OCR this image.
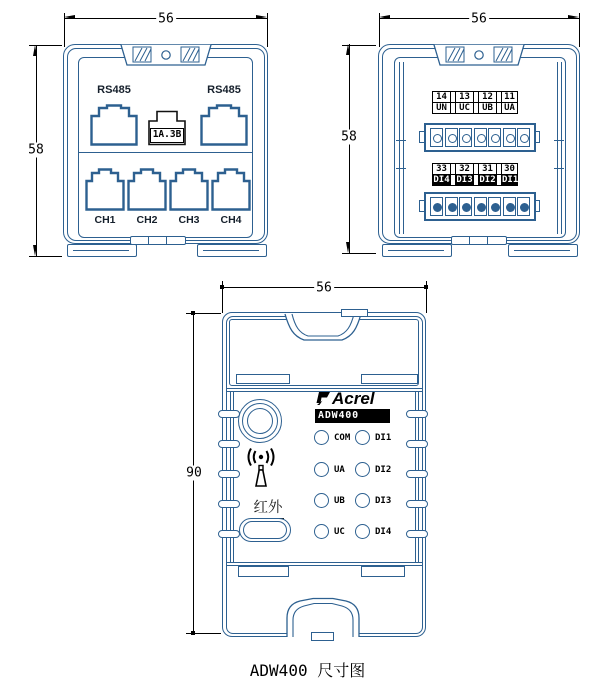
56
58
RS485	RS485
1A.3B
CH1	CH2	CH3	CH4
56
58
14	13	12	11
UN	UC	UB	UA
33	32	31	30
DI4 DI3 DI2 DI1
56
90
Acrel
ADW400
COM	DI1
UA	DI2
UB	DI3
UC	DI4
红外
ADW400 尺寸图
